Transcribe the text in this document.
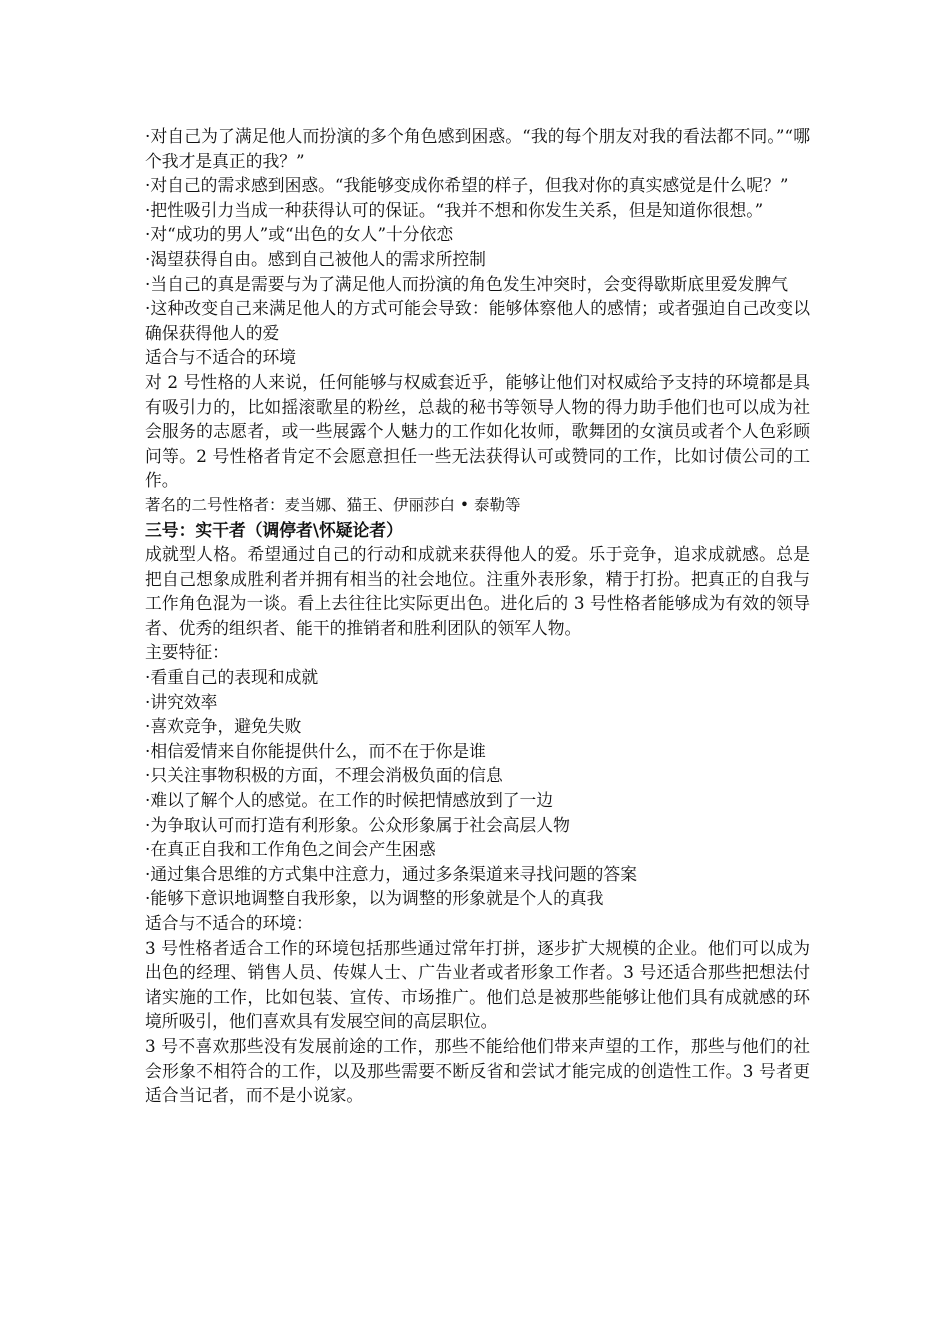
·对自己为了满足他人而扮演的多个角色感到困惑。“我的每个朋友对我的看法都不同。”“哪个我才是真正的我？”

·对自己的需求感到困惑。“我能够变成你希望的样子，但我对你的真实感觉是什么呢？”

·把性吸引力当成一种获得认可的保证。“我并不想和你发生关系，但是知道你很想。”

·对“成功的男人”或“出色的女人”十分依恋

·渴望获得自由。感到自己被他人的需求所控制

·当自己的真是需要与为了满足他人而扮演的角色发生冲突时，会变得歇斯底里爱发脾气

·这种改变自己来满足他人的方式可能会导致：能够体察他人的感情；或者强迫自己改变以确保获得他人的爱

适合与不适合的环境

对 2 号性格的人来说，任何能够与权威套近乎，能够让他们对权威给予支持的环境都是具有吸引力的，比如摇滚歌星的粉丝，总裁的秘书等领导人物的得力助手他们也可以成为社会服务的志愿者，或一些展露个人魅力的工作如化妆师，歌舞团的女演员或者个人色彩顾问等。2 号性格者肯定不会愿意担任一些无法获得认可或赞同的工作，比如讨债公司的工作。

著名的二号性格者：麦当娜、猫王、伊丽莎白 • 泰勒等

三号：实干者（调停者\怀疑论者）

成就型人格。希望通过自己的行动和成就来获得他人的爱。乐于竞争，追求成就感。总是把自己想象成胜利者并拥有相当的社会地位。注重外表形象，精于打扮。把真正的自我与工作角色混为一谈。看上去往往比实际更出色。进化后的 3 号性格者能够成为有效的领导者、优秀的组织者、能干的推销者和胜利团队的领军人物。

主要特征：

·看重自己的表现和成就

·讲究效率

·喜欢竞争，避免失败

·相信爱情来自你能提供什么，而不在于你是谁

·只关注事物积极的方面，不理会消极负面的信息

·难以了解个人的感觉。在工作的时候把情感放到了一边

·为争取认可而打造有利形象。公众形象属于社会高层人物

·在真正自我和工作角色之间会产生困惑

·通过集合思维的方式集中注意力，通过多条渠道来寻找问题的答案

·能够下意识地调整自我形象，以为调整的形象就是个人的真我

适合与不适合的环境：

3 号性格者适合工作的环境包括那些通过常年打拼，逐步扩大规模的企业。他们可以成为出色的经理、销售人员、传媒人士、广告业者或者形象工作者。3 号还适合那些把想法付诸实施的工作，比如包装、宣传、市场推广。他们总是被那些能够让他们具有成就感的环境所吸引，他们喜欢具有发展空间的高层职位。

3 号不喜欢那些没有发展前途的工作，那些不能给他们带来声望的工作，那些与他们的社会形象不相符合的工作，以及那些需要不断反省和尝试才能完成的创造性工作。3 号者更适合当记者，而不是小说家。
